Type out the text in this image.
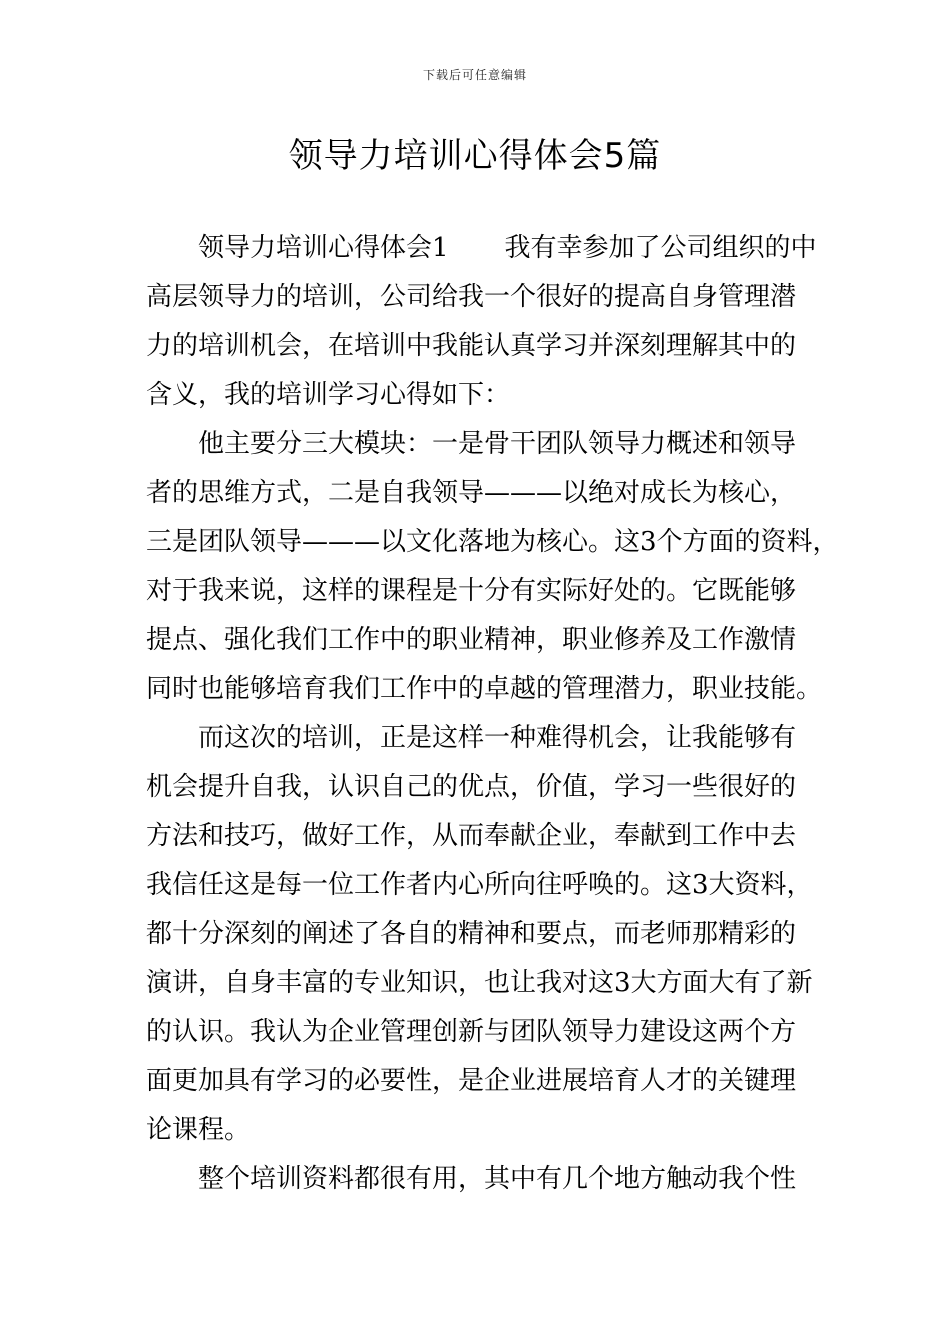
下载后可任意编辑
领导力培训心得体会5篇
领导力培训心得体会1 我有幸参加了公司组织的中
高层领导力的培训，公司给我一个很好的提高自身管理潜
力的培训机会，在培训中我能认真学习并深刻理解其中的
含义，我的培训学习心得如下：
他主要分三大模块：一是骨干团队领导力概述和领导
者的思维方式，二是自我领导———以绝对成长为核心，
三是团队领导———以文化落地为核心。这3个方面的资料，
对于我来说，这样的课程是十分有实际好处的。它既能够
提点、强化我们工作中的职业精神，职业修养及工作激情
同时也能够培育我们工作中的卓越的管理潜力，职业技能。
而这次的培训，正是这样一种难得机会，让我能够有
机会提升自我，认识自己的优点，价值，学习一些很好的
方法和技巧，做好工作，从而奉献企业，奉献到工作中去
我信任这是每一位工作者内心所向往呼唤的。这3大资料，
都十分深刻的阐述了各自的精神和要点，而老师那精彩的
演讲，自身丰富的专业知识，也让我对这3大方面大有了新
的认识。我认为企业管理创新与团队领导力建设这两个方
面更加具有学习的必要性，是企业进展培育人才的关键理
论课程。
整个培训资料都很有用，其中有几个地方触动我个性
